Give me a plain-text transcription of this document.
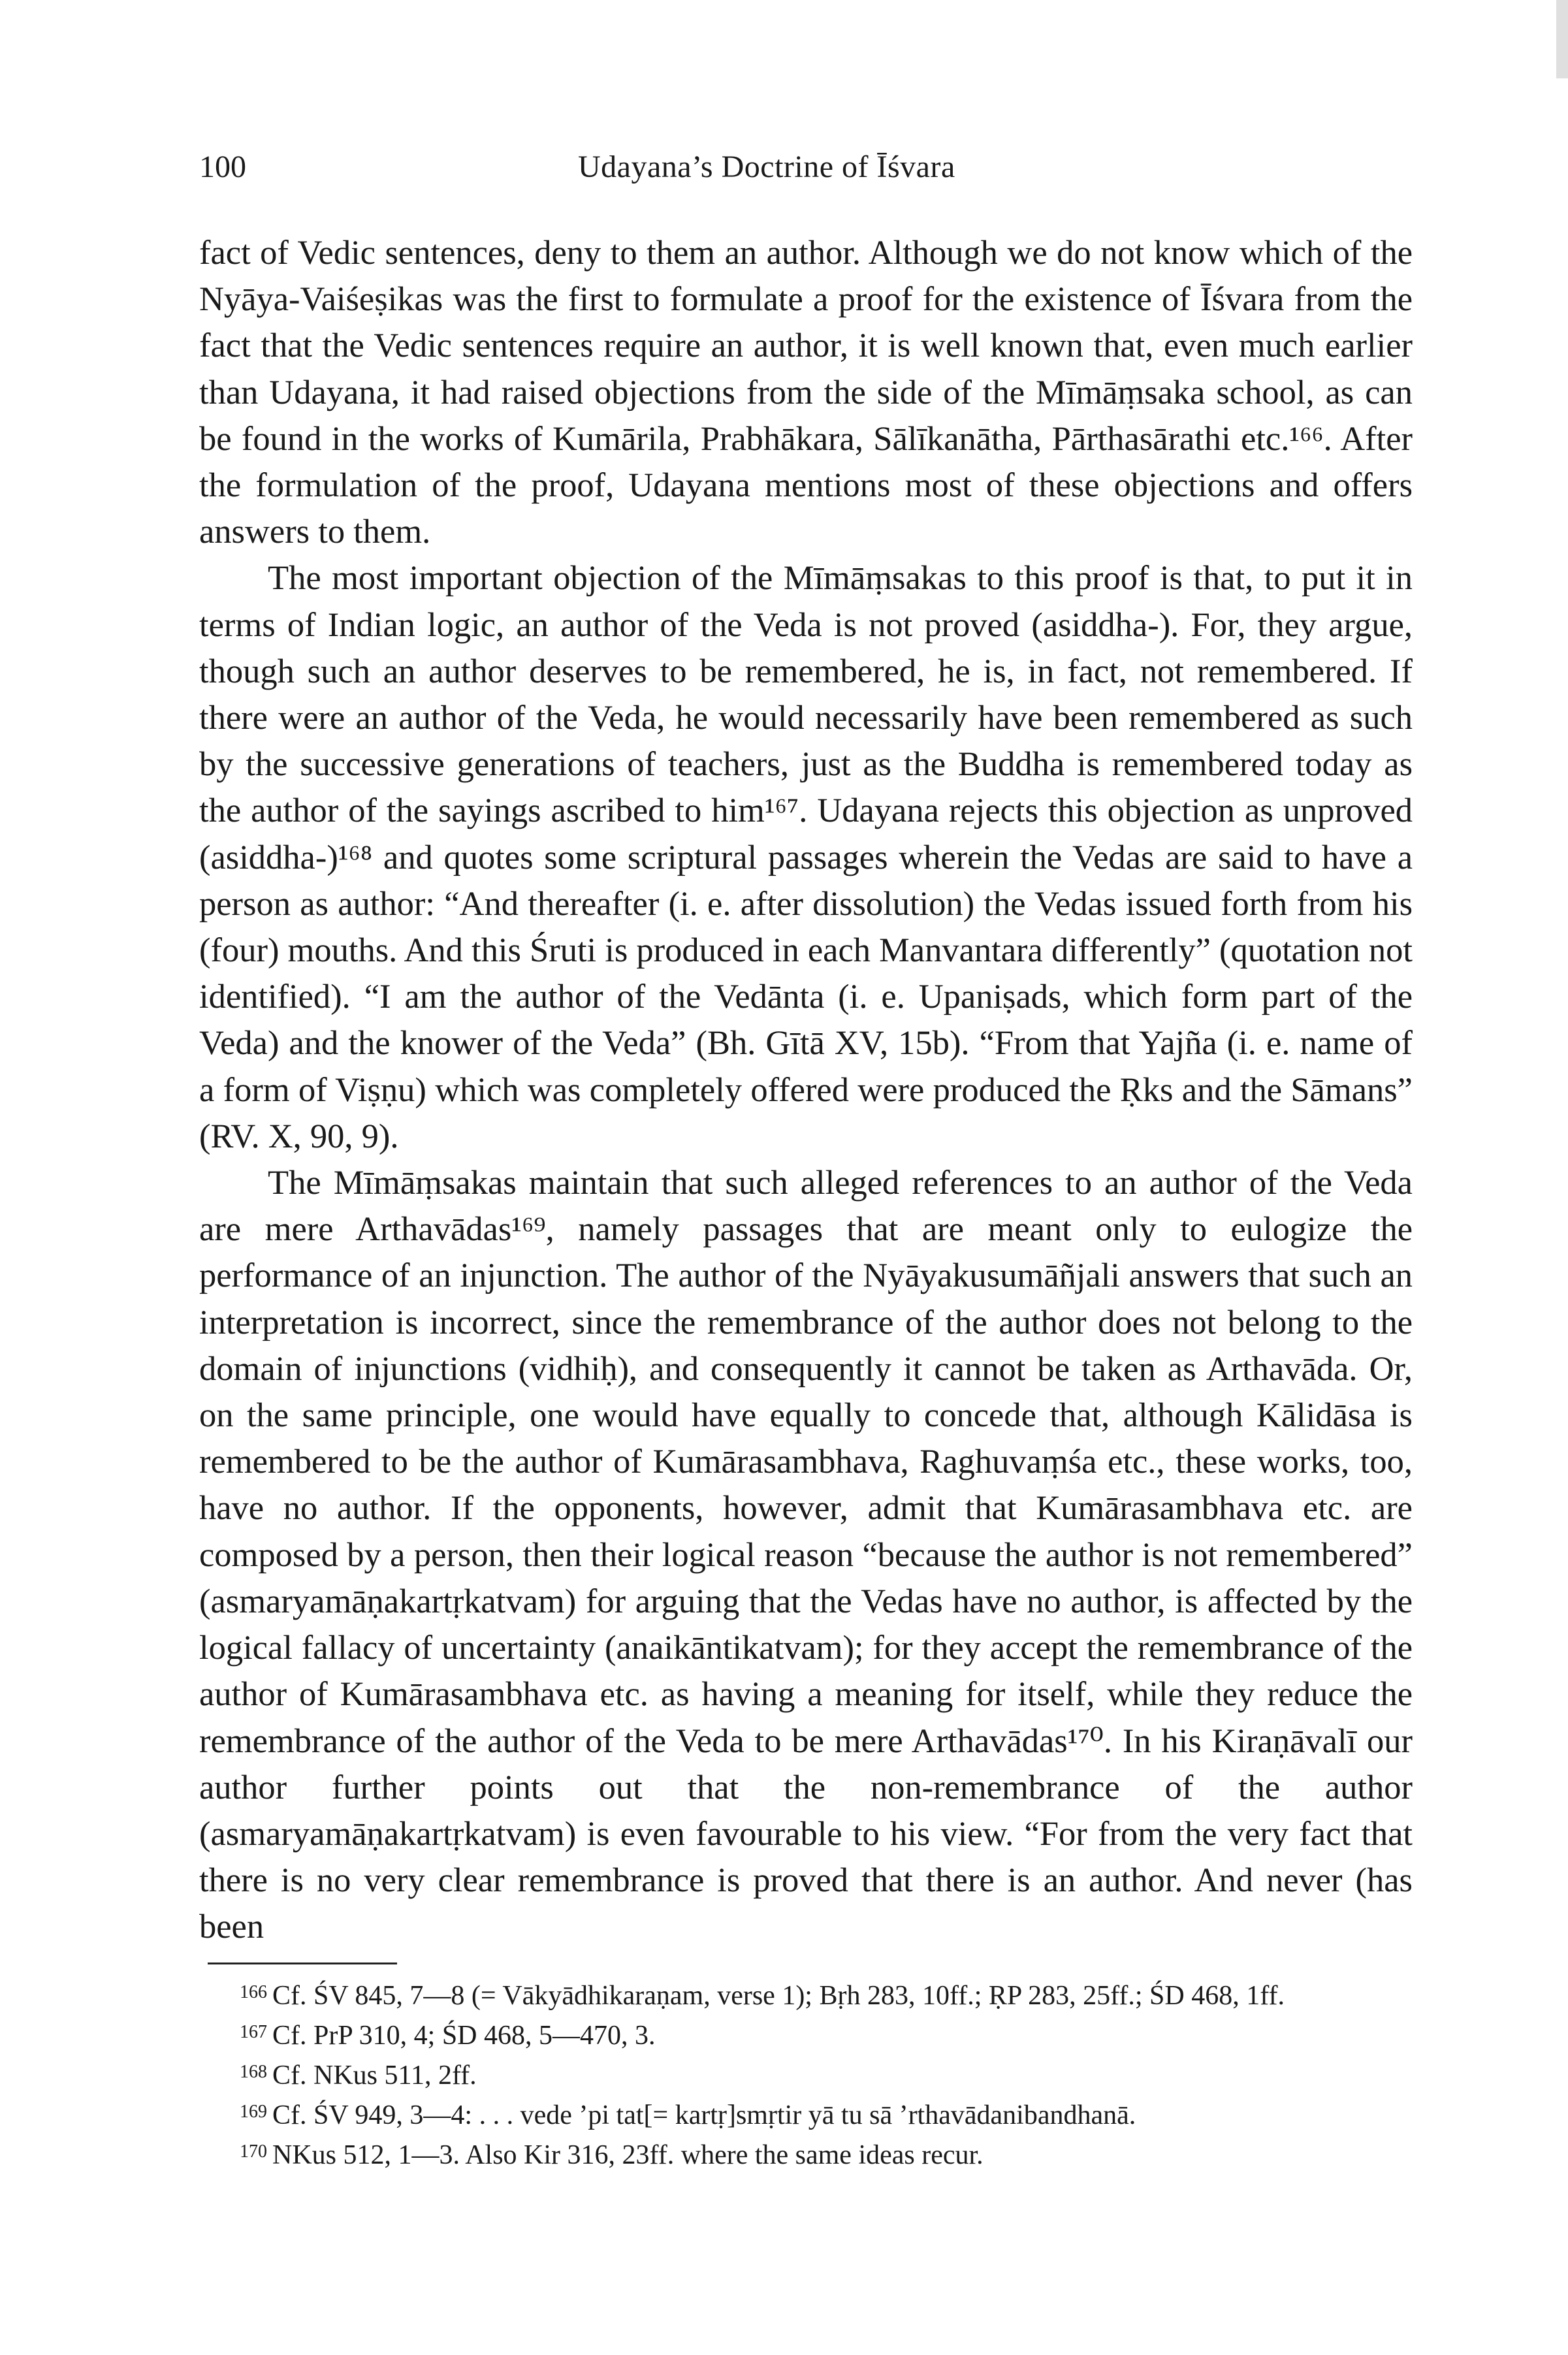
100	Udayana’s Doctrine of Īśvara

fact of Vedic sentences, deny to them an author. Although we do not know which of the Nyāya-Vaiśeṣikas was the first to formulate a proof for the existence of Īśvara from the fact that the Vedic sentences require an author, it is well known that, even much earlier than Udayana, it had raised objections from the side of the Mīmāṃsaka school, as can be found in the works of Kumārila, Prabhākara, Sālīkanātha, Pārthasārathi etc.¹⁶⁶. After the formulation of the proof, Udayana mentions most of these objections and offers answers to them.

The most important objection of the Mīmāṃsakas to this proof is that, to put it in terms of Indian logic, an author of the Veda is not proved (asiddha-). For, they argue, though such an author deserves to be remembered, he is, in fact, not remembered. If there were an author of the Veda, he would necessarily have been remembered as such by the successive generations of teachers, just as the Buddha is remembered today as the author of the sayings ascribed to him¹⁶⁷. Udayana rejects this objection as unproved (asiddha-)¹⁶⁸ and quotes some scriptural passages wherein the Vedas are said to have a person as author: “And thereafter (i. e. after dissolution) the Vedas issued forth from his (four) mouths. And this Śruti is produced in each Manvantara differently” (quotation not identified). “I am the author of the Vedānta (i. e. Upaniṣads, which form part of the Veda) and the knower of the Veda” (Bh. Gītā XV, 15b). “From that Yajña (i. e. name of a form of Viṣṇu) which was completely offered were produced the Ṛks and the Sāmans” (RV. X, 90, 9).

The Mīmāṃsakas maintain that such alleged references to an author of the Veda are mere Arthavādas¹⁶⁹, namely passages that are meant only to eulogize the performance of an injunction. The author of the Nyāyakusumāñjali answers that such an interpretation is incorrect, since the remembrance of the author does not belong to the domain of injunctions (vidhiḥ), and consequently it cannot be taken as Arthavāda. Or, on the same principle, one would have equally to concede that, although Kālidāsa is remembered to be the author of Kumārasambhava, Raghuvaṃśa etc., these works, too, have no author. If the opponents, however, admit that Kumārasambhava etc. are composed by a person, then their logical reason “because the author is not remembered” (asmaryamāṇakartṛkatvam) for arguing that the Vedas have no author, is affected by the logical fallacy of uncertainty (anaikāntikatvam); for they accept the remembrance of the author of Kumārasambhava etc. as having a meaning for itself, while they reduce the remembrance of the author of the Veda to be mere Arthavādas¹⁷⁰. In his Kiraṇāvalī our author further points out that the non-remembrance of the author (asmaryamāṇakartṛkatvam) is even favourable to his view. “For from the very fact that there is no very clear remembrance is proved that there is an author. And never (has been

$^{166}$ Cf. ŚV 845, 7—8 (= Vākyādhikaraṇam, verse 1); Bṛh 283, 10ff.; ṚP 283, 25ff.; ŚD 468, 1ff.

$^{167}$ Cf. PrP 310, 4; ŚD 468, 5—470, 3.

$^{168}$ Cf. NKus 511, 2ff.

$^{169}$ Cf. ŚV 949, 3—4: . . . vede ’pi tat[= kartṛ]smṛtir yā tu sā ’rthavādanibandhanā.

$^{170}$ NKus 512, 1—3. Also Kir 316, 23ff. where the same ideas recur.
